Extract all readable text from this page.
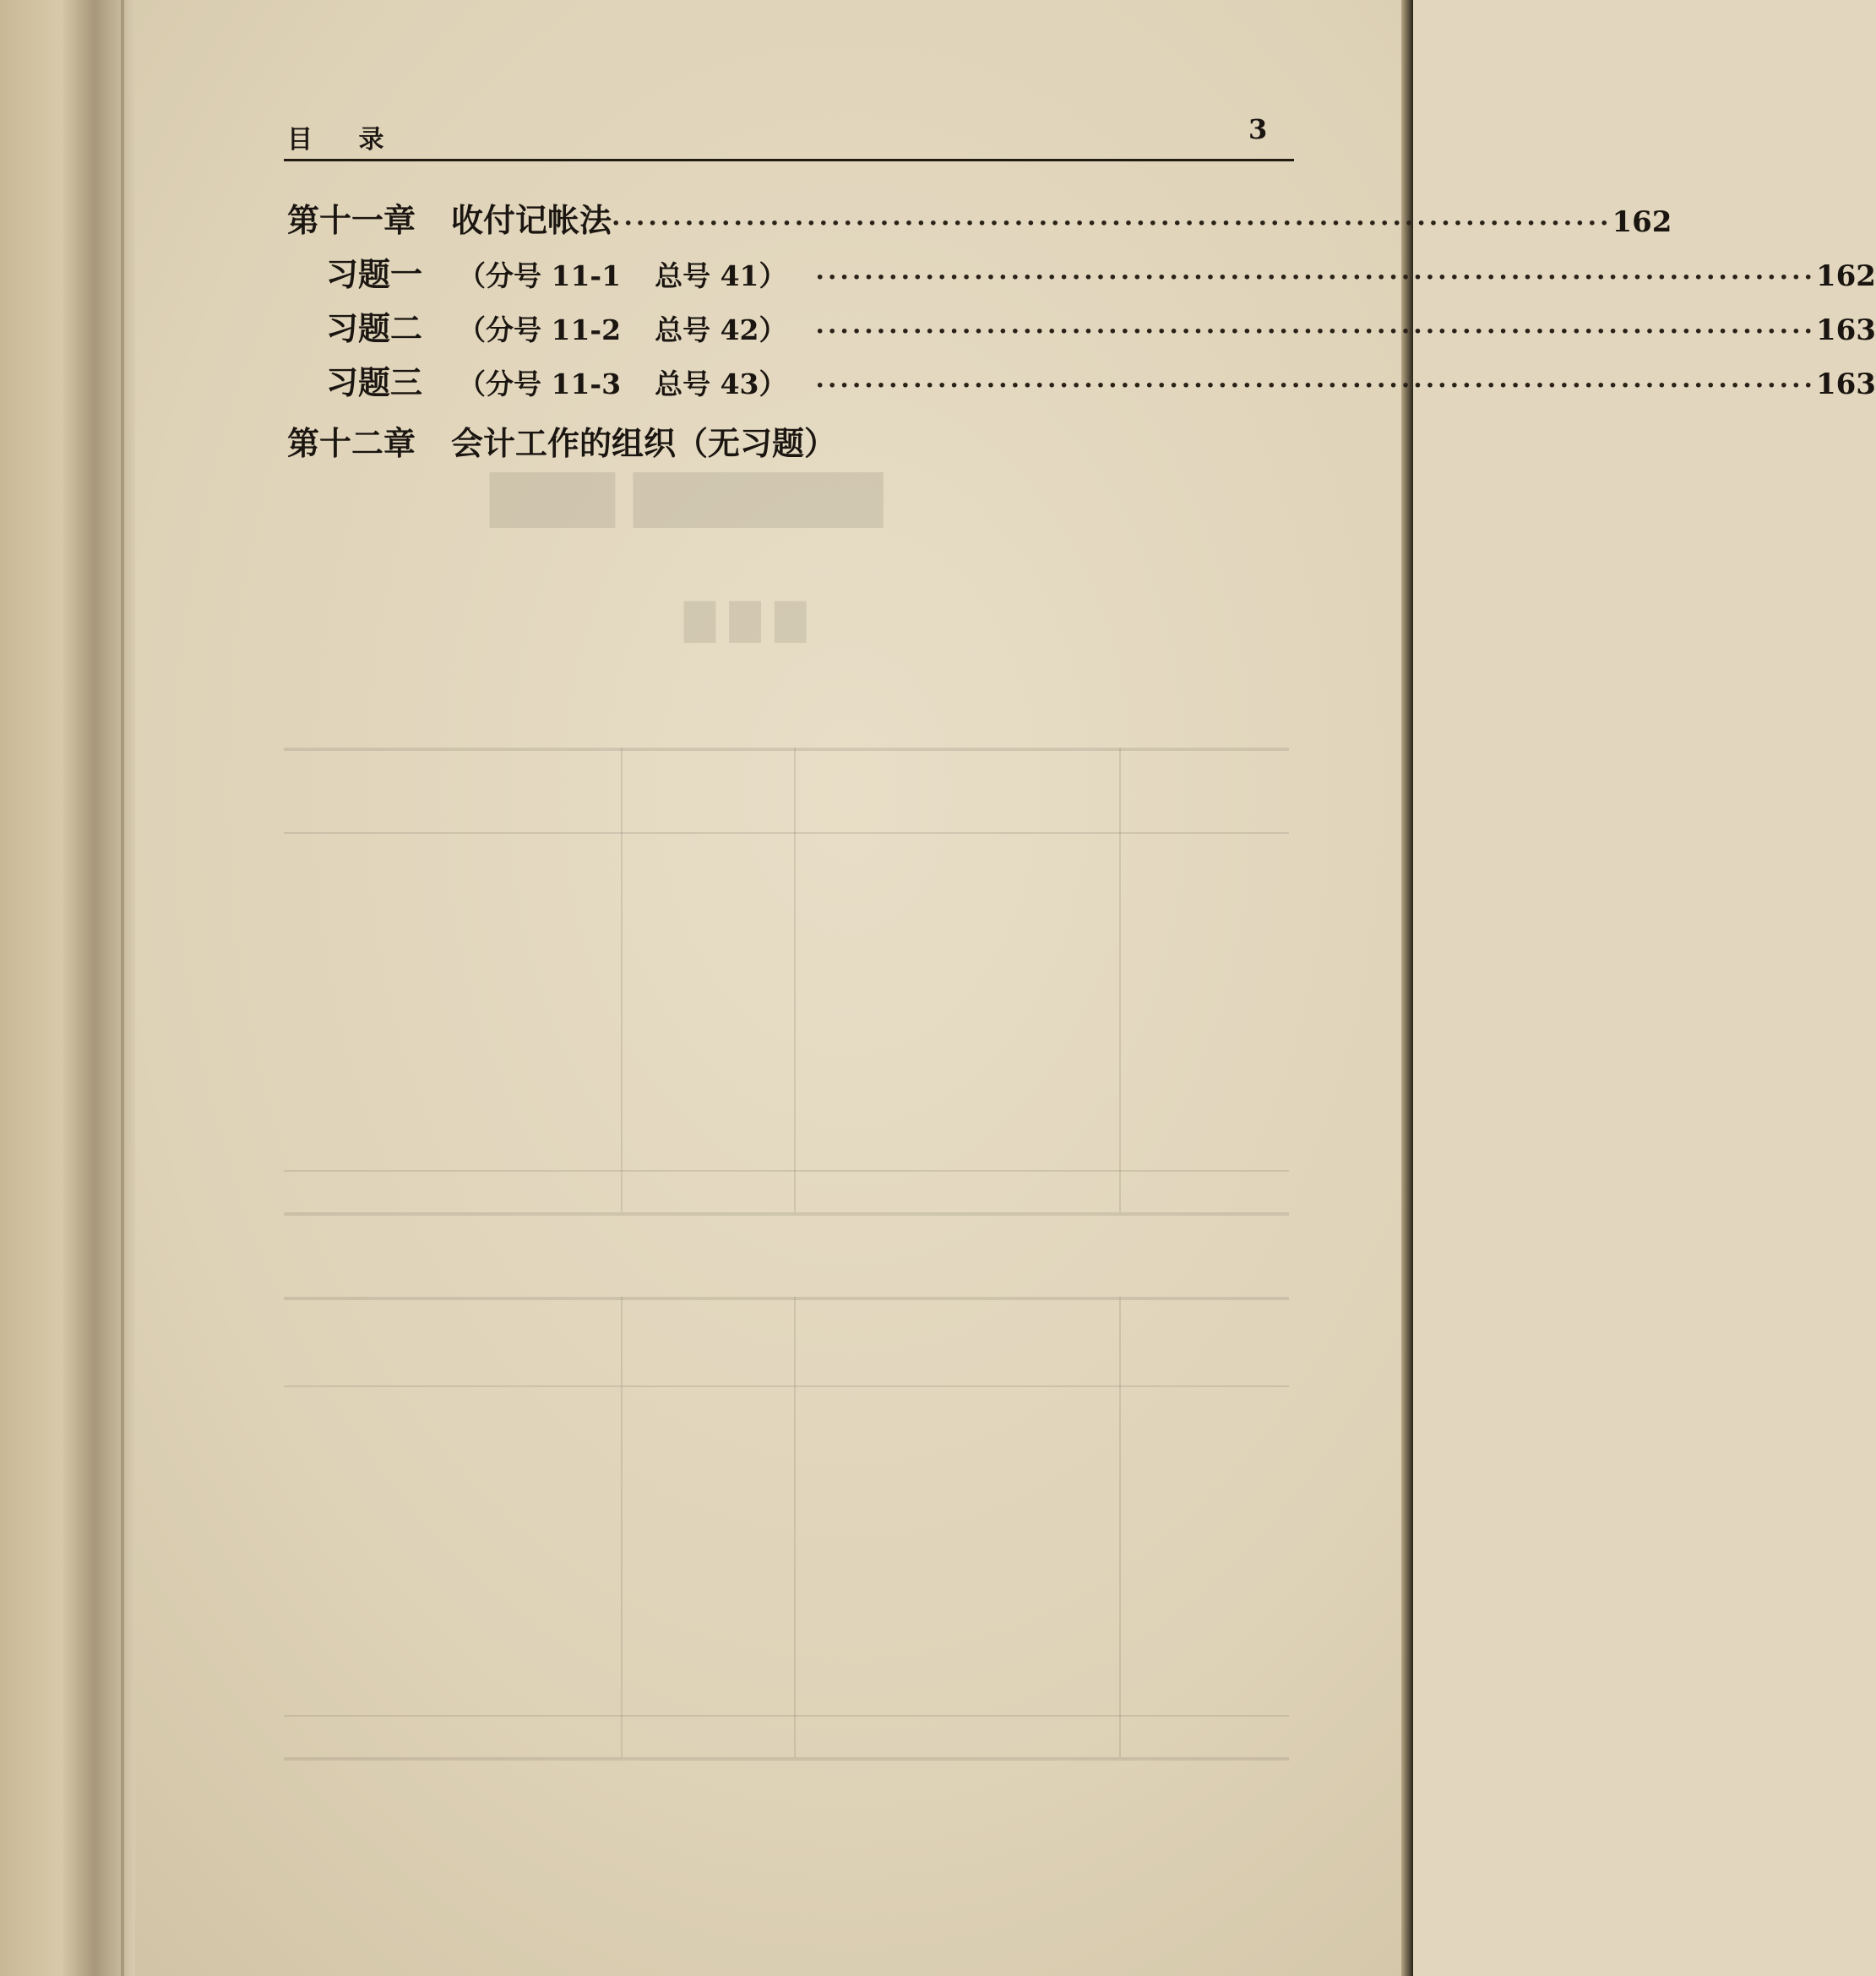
▇▇▇ ▇▇▇▇▇▇
▇ ▇ ▇
目 录	3
第十一章 收付记帐法 ·················································································· 162
习题一 （分号 11-1 总号 41） ·················································································· 162
习题二 （分号 11-2 总号 42） ·················································································· 163
习题三 （分号 11-3 总号 43） ·················································································· 163
第十二章 会计工作的组织（无习题）
